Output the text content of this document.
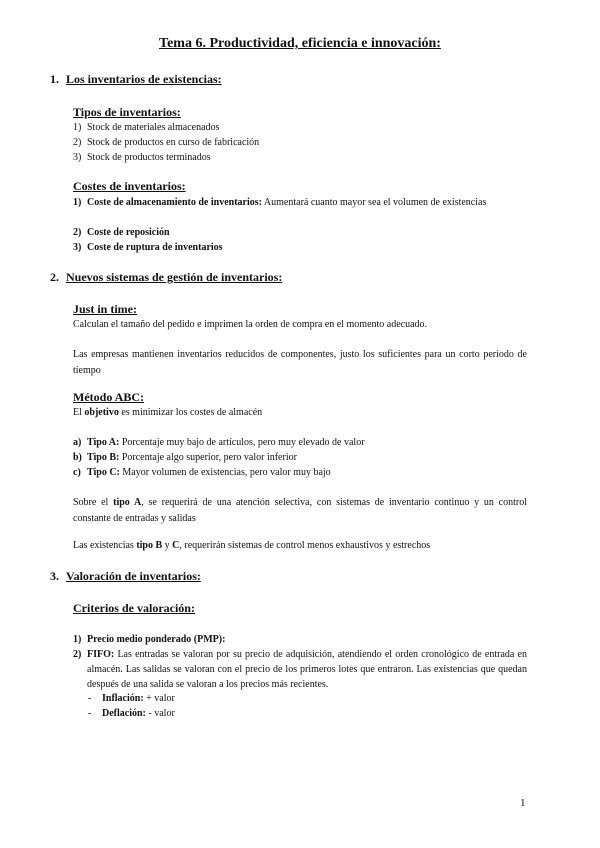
Tema 6. Productividad, eficiencia e innovación:
1. Los inventarios de existencias:
Tipos de inventarios:
1) Stock de materiales almacenados
2) Stock de productos en curso de fabricación
3) Stock de productos terminados
Costes de inventarios:
1) Coste de almacenamiento de inventarios: Aumentará cuanto mayor sea el volumen de existencias
2) Coste de reposición
3) Coste de ruptura de inventarios
2. Nuevos sistemas de gestión de inventarios:
Just in time:
Calculan el tamaño del pedido e imprimen la orden de compra en el momento adecuado.
Las empresas mantienen inventarios reducidos de componentes, justo los suficientes para un corto periodo de tiempo
Método ABC:
El objetivo es minimizar los costes de almacén
a) Tipo A: Porcentaje muy bajo de artículos, pero muy elevado de valor
b) Tipo B: Porcentaje algo superior, pero valor inferior
c) Tipo C: Mayor volumen de existencias, pero valor muy bajo
Sobre el tipo A, se requerirá de una atención selectiva, con sistemas de inventario continuo y un control constante de entradas y salidas
Las existencias tipo B y C, requerirán sistemas de control menos exhaustivos y estrechos
3. Valoración de inventarios:
Criterios de valoración:
1) Precio medio ponderado (PMP):
2) FIFO: Las entradas se valoran por su precio de adquisición, atendiendo el orden cronológico de entrada en almacén. Las salidas se valoran con el precio de los primeros lotes que entraron. Las existencias que quedan después de una salida se valoran a los precios más recientes.
- Inflación: + valor
- Deflación: - valor
1
